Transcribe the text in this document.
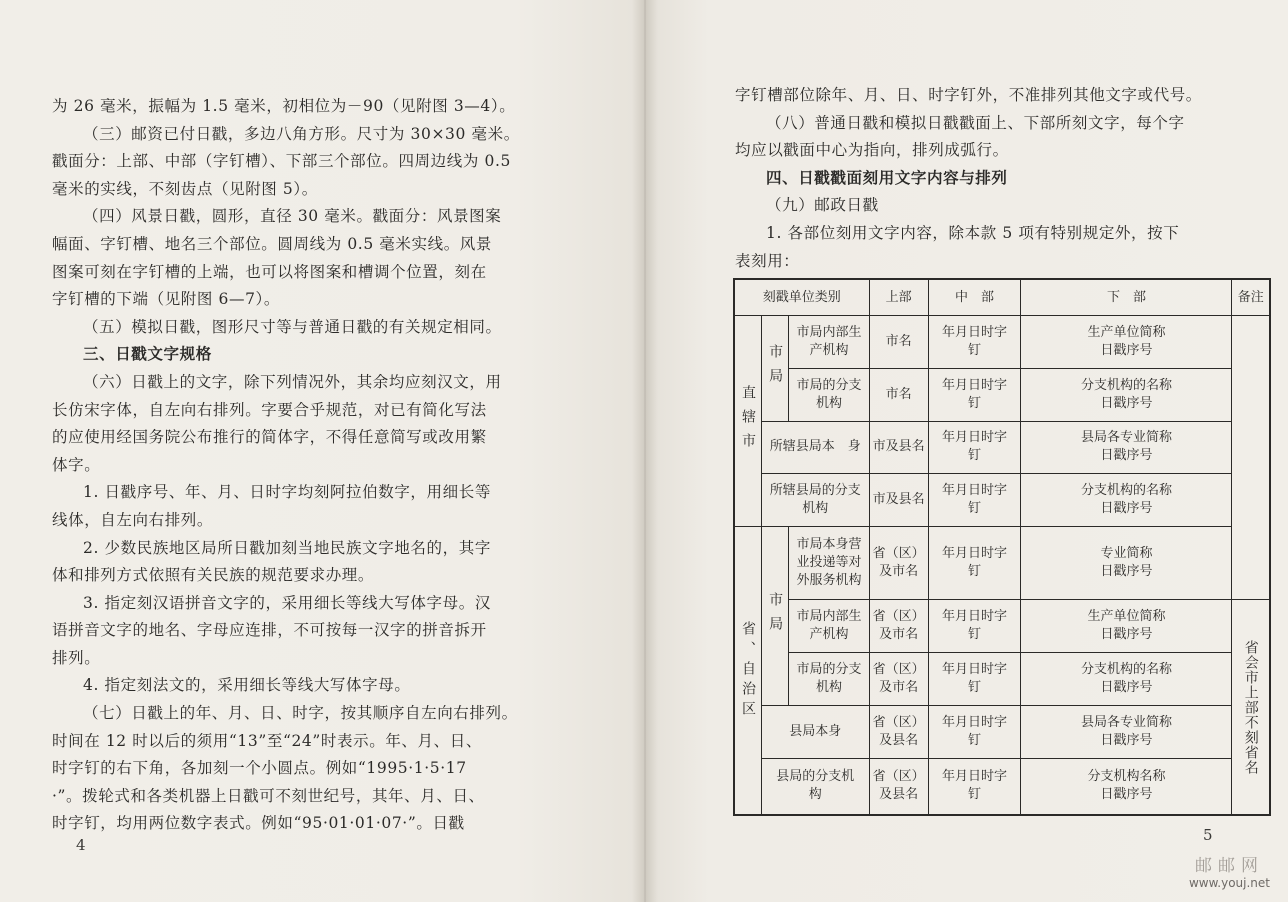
为 26 毫米，振幅为 1.5 毫米，初相位为－90（见附图 3—4）。
（三）邮资已付日戳，多边八角方形。尺寸为 30×30 毫米。
戳面分：上部、中部（字钉槽）、下部三个部位。四周边线为 0.5
毫米的实线，不刻齿点（见附图 5）。
（四）风景日戳，圆形，直径 30 毫米。戳面分：风景图案
幅面、字钉槽、地名三个部位。圆周线为 0.5 毫米实线。风景
图案可刻在字钉槽的上端，也可以将图案和槽调个位置，刻在
字钉槽的下端（见附图 6—7）。
（五）模拟日戳，图形尺寸等与普通日戳的有关规定相同。
三、日戳文字规格
（六）日戳上的文字，除下列情况外，其余均应刻汉文，用
长仿宋字体，自左向右排列。字要合乎规范，对已有简化写法
的应使用经国务院公布推行的简体字，不得任意简写或改用繁
体字。
1. 日戳序号、年、月、日时字均刻阿拉伯数字，用细长等
线体，自左向右排列。
2. 少数民族地区局所日戳加刻当地民族文字地名的，其字
体和排列方式依照有关民族的规范要求办理。
3. 指定刻汉语拼音文字的，采用细长等线大写体字母。汉
语拼音文字的地名、字母应连排，不可按每一汉字的拼音拆开
排列。
4. 指定刻法文的，采用细长等线大写体字母。
（七）日戳上的年、月、日、时字，按其顺序自左向右排列。
时间在 12 时以后的须用“13”至“24”时表示。年、月、日、
时字钉的右下角，各加刻一个小圆点。例如“1995·1·5·17
·”。拨轮式和各类机器上日戳可不刻世纪号，其年、月、日、
时字钉，均用两位数字表式。例如“95·01·01·07·”。日戳
4
字钉槽部位除年、月、日、时字钉外，不准排列其他文字或代号。
（八）普通日戳和模拟日戳戳面上、下部所刻文字，每个字
均应以戳面中心为指向，排列成弧行。
四、日戳戳面刻用文字内容与排列
（九）邮政日戳
1. 各部位刻用文字内容，除本款 5 项有特别规定外，按下
表刻用：
刻戳单位类别			上部	中　部	下　部	备注

直辖市	市局	市局内部生产机构	市名	年月日时字　　钉	生产单位简称
日戳序号	

		市局的分支机构	市名	年月日时字　　钉	分支机构的名称
日戳序号	

	所辖县局本　身		市及县名	年月日时字　　钉	县局各专业简称
日戳序号	

	所辖县局的分支机构		市及县名	年月日时字　　钉	分支机构的名称
日戳序号	

省、自治区	市局	市局本身营业投递等对外服务机构	省（区）及市名	年月日时字　　钉	专业简称
日戳序号	

		市局内部生产机构	省（区）及市名	年月日时字　　钉	生产单位简称
日戳序号	省会市上部不刻省名

		市局的分支机构	省（区）及市名	年月日时字　　钉	分支机构的名称
日戳序号	

	县局本身		省（区）及县名	年月日时字　　钉	县局各专业简称
日戳序号	

	县局的分支机　　构		省（区）及县名	年月日时字　　钉	分支机构名称
日戳序号	
5
邮邮网
www.youj.net
